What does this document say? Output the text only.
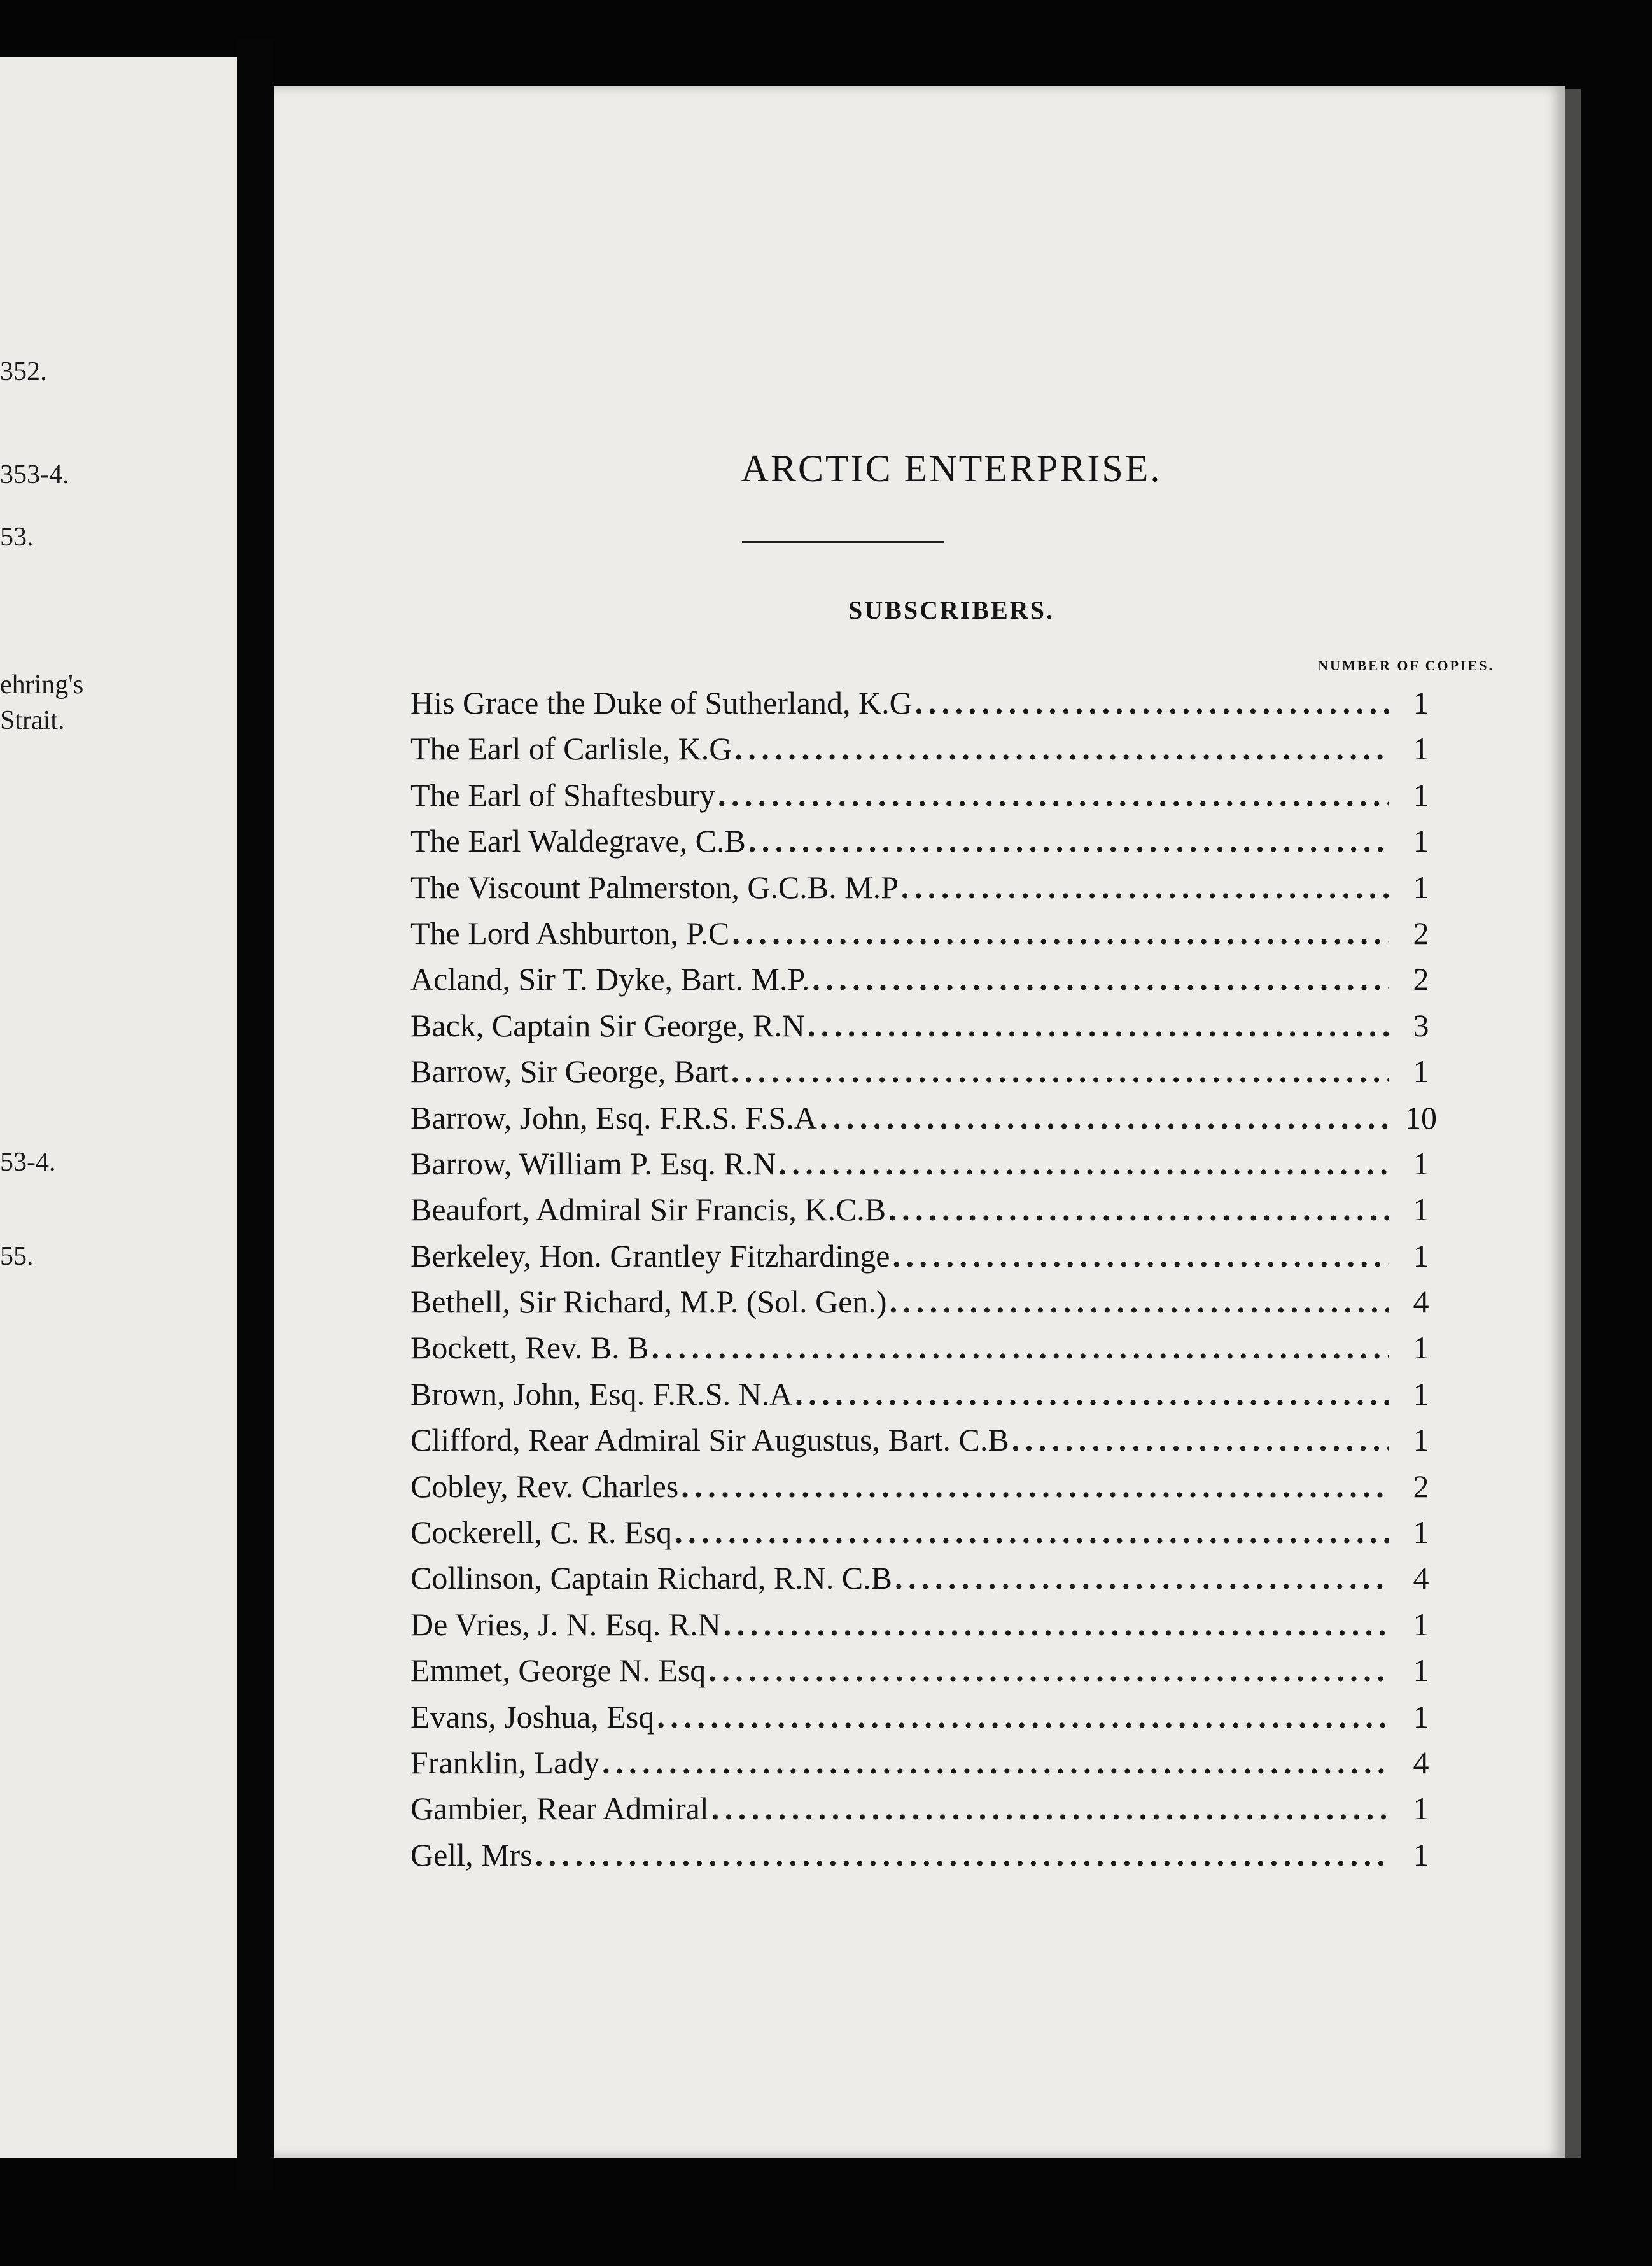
352.
353-4.
53.
ehring's
Strait.
53-4.
55.
ARCTIC ENTERPRISE.
SUBSCRIBERS.
NUMBER OF COPIES.
His Grace the Duke of Sutherland, K.G . . .	1
The Earl of Carlisle, K.G . . .	1
The Earl of Shaftesbury . . .	1
The Earl Waldegrave, C.B . . .	1
The Viscount Palmerston, G.C.B. M.P . . .	1
The Lord Ashburton, P.C . . .	2
Acland, Sir T. Dyke, Bart. M.P. . . .	2
Back, Captain Sir George, R.N . . .	3
Barrow, Sir George, Bart . . .	1
Barrow, John, Esq. F.R.S. F.S.A . . .	10
Barrow, William P. Esq. R.N . . .	1
Beaufort, Admiral Sir Francis, K.C.B . . .	1
Berkeley, Hon. Grantley Fitzhardinge . . .	1
Bethell, Sir Richard, M.P. (Sol. Gen.) . . .	4
Bockett, Rev. B. B . . .	1
Brown, John, Esq. F.R.S. N.A . . .	1
Clifford, Rear Admiral Sir Augustus, Bart. C.B . . .	1
Cobley, Rev. Charles . . .	2
Cockerell, C. R. Esq . . .	1
Collinson, Captain Richard, R.N. C.B . . .	4
De Vries, J. N. Esq. R.N . . .	1
Emmet, George N. Esq . . .	1
Evans, Joshua, Esq . . .	1
Franklin, Lady . . .	4
Gambier, Rear Admiral . . .	1
Gell, Mrs . . .	1
